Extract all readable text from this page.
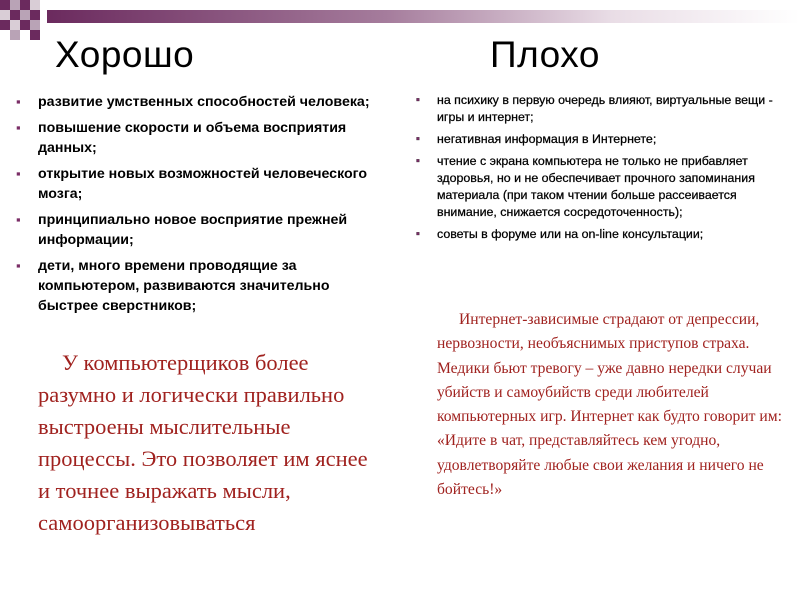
Хорошо	Плохо
▪ развитие умственных способностей человека;
▪ повышение скорости и объема восприятия данных;
▪ открытие новых возможностей человеческого мозга;
▪ принципиально новое восприятие прежней информации;
▪ дети, много времени проводящие за компьютером, развиваются значительно быстрее сверстников;
▪ на психику в первую очередь влияют, виртуальные вещи - игры и интернет;
▪ негативная информация в Интернете;
▪ чтение с экрана компьютера не только не прибавляет здоровья, но и не обеспечивает прочного запоминания материала (при таком чтении больше рассеивается внимание, снижается сосредоточенность);
▪ советы в форуме или на on-line консультации;
У компьютерщиков более разумно и логически правильно выстроены мыслительные процессы. Это позволяет им яснее и точнее выражать мысли, самоорганизовываться
Интернет-зависимые страдают от депрессии, нервозности, необъяснимых приступов страха. Медики бьют тревогу – уже давно нередки случаи убийств и самоубийств среди любителей компьютерных игр. Интернет как будто говорит им: «Идите в чат, представляйтесь кем угодно, удовлетворяйте любые свои желания и ничего не бойтесь!»
